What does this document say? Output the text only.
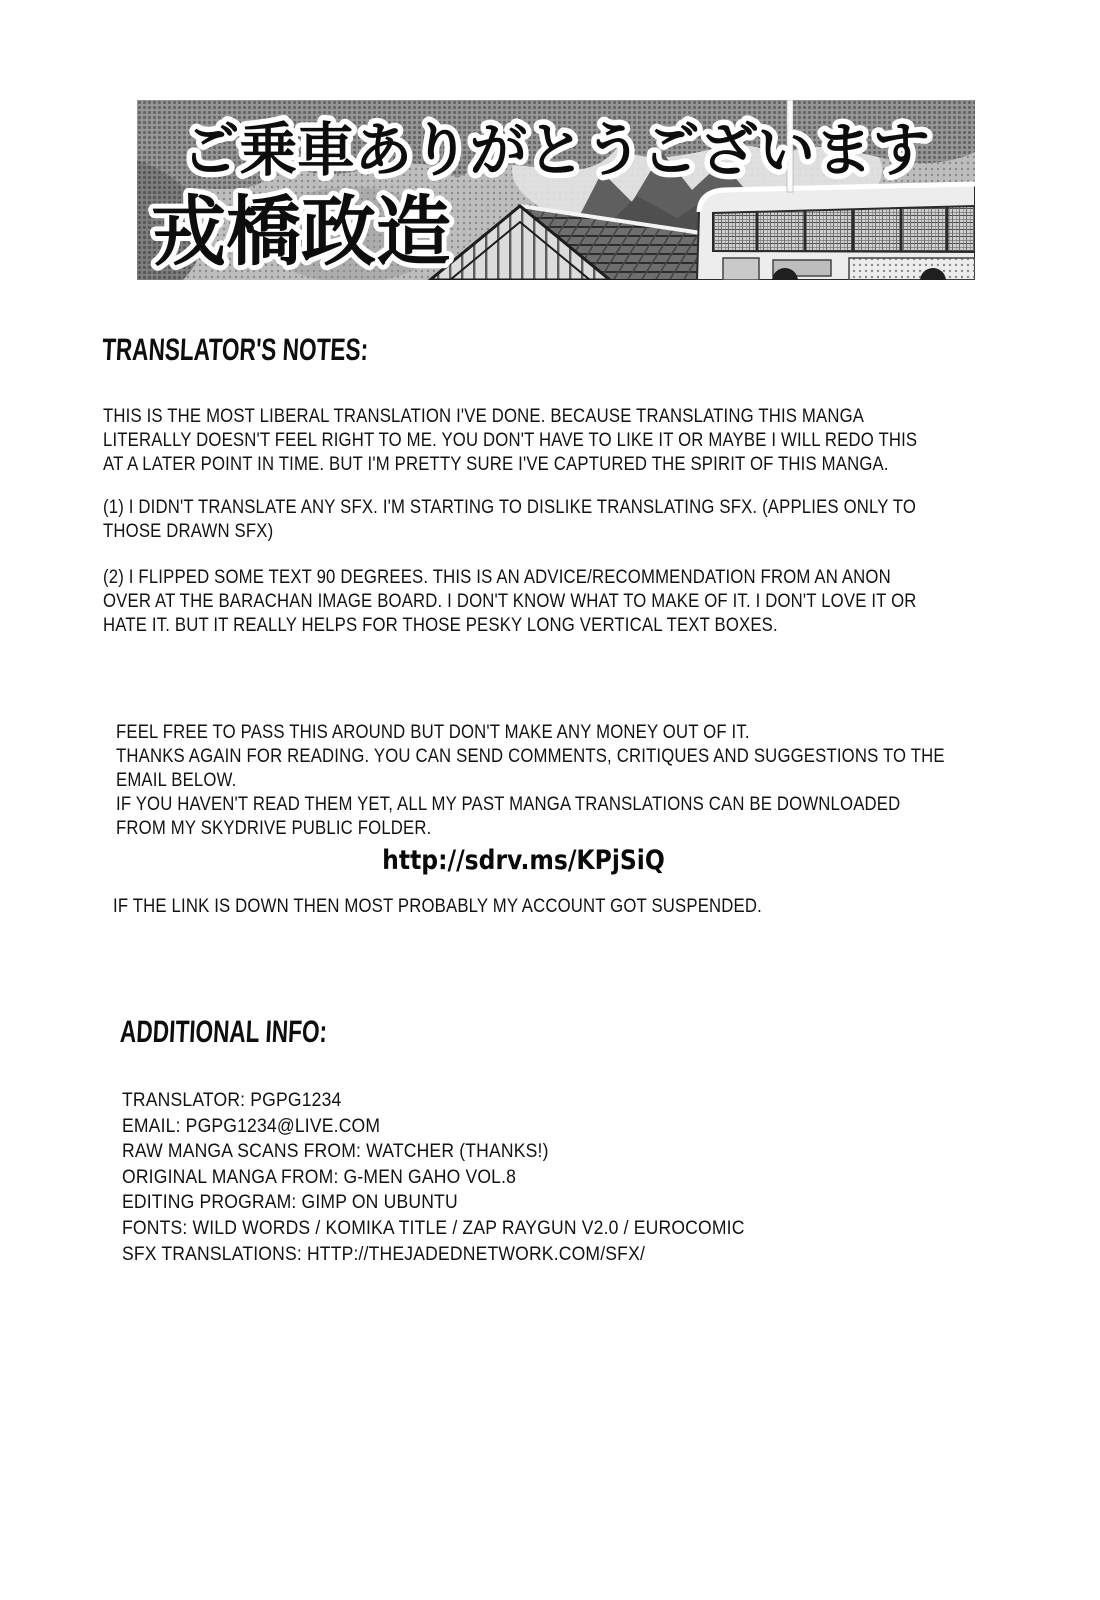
ご乗車ありがとうございます
戎橋政造
TRANSLATOR'S NOTES:
THIS IS THE MOST LIBERAL TRANSLATION I'VE DONE. BECAUSE TRANSLATING THIS MANGA
LITERALLY DOESN'T FEEL RIGHT TO ME. YOU DON'T HAVE TO LIKE IT OR MAYBE I WILL REDO THIS
AT A LATER POINT IN TIME. BUT I'M PRETTY SURE I'VE CAPTURED THE SPIRIT OF THIS MANGA.
(1) I DIDN'T TRANSLATE ANY SFX. I'M STARTING TO DISLIKE TRANSLATING SFX. (APPLIES ONLY TO
THOSE DRAWN SFX)
(2) I FLIPPED SOME TEXT 90 DEGREES. THIS IS AN ADVICE/RECOMMENDATION FROM AN ANON
OVER AT THE BARACHAN IMAGE BOARD. I DON'T KNOW WHAT TO MAKE OF IT. I DON'T LOVE IT OR
HATE IT. BUT IT REALLY HELPS FOR THOSE PESKY LONG VERTICAL TEXT BOXES.
FEEL FREE TO PASS THIS AROUND BUT DON'T MAKE ANY MONEY OUT OF IT.
THANKS AGAIN FOR READING. YOU CAN SEND COMMENTS, CRITIQUES AND SUGGESTIONS TO THE
EMAIL BELOW.
IF YOU HAVEN'T READ THEM YET, ALL MY PAST MANGA TRANSLATIONS CAN BE DOWNLOADED
FROM MY SKYDRIVE PUBLIC FOLDER.
http://sdrv.ms/KPjSiQ
IF THE LINK IS DOWN THEN MOST PROBABLY MY ACCOUNT GOT SUSPENDED.
ADDITIONAL INFO:
TRANSLATOR: PGPG1234
EMAIL: PGPG1234@LIVE.COM
RAW MANGA SCANS FROM: WATCHER (THANKS!)
ORIGINAL MANGA FROM: G-MEN GAHO VOL.8
EDITING PROGRAM: GIMP ON UBUNTU
FONTS: WILD WORDS / KOMIKA TITLE / ZAP RAYGUN V2.0 / EUROCOMIC
SFX TRANSLATIONS: HTTP://THEJADEDNETWORK.COM/SFX/
